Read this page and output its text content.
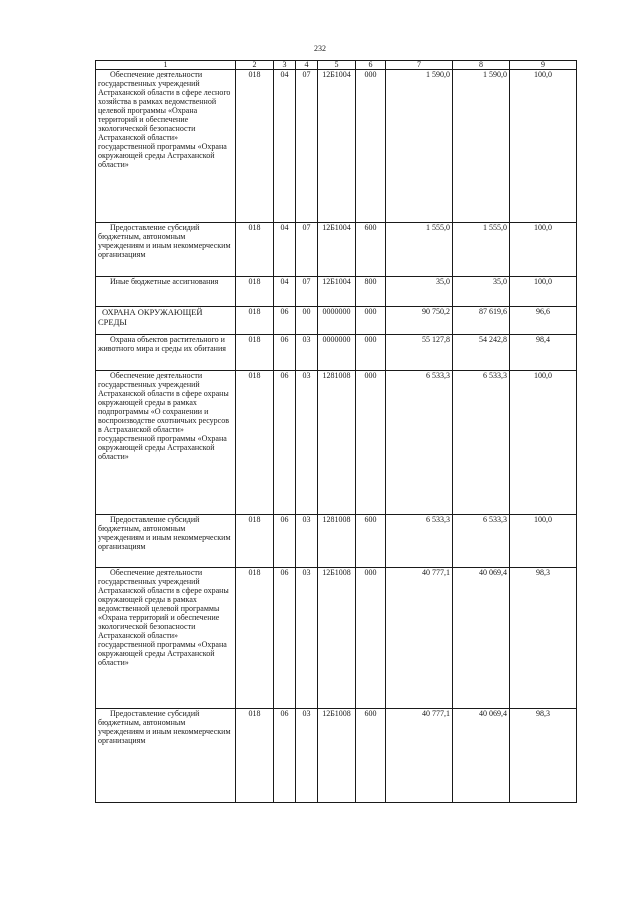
232
1	2	3	4	5	6	7	8	9

Обеспечение деятельности государственных учреждений Астраханской области в сфере лесного хозяйства в рамках ведомственной целевой программы «Охрана территорий и обеспечение экологической безопасности Астраханской области» государственной программы «Охрана окружающей среды Астраханской области»	018	04	07	12Б1004	000	1 590,0	1 590,0	100,0

Предоставление субсидий бюджетным, автономным учреждениям и иным некоммерческим организациям	018	04	07	12Б1004	600	1 555,0	1 555,0	100,0

Иные бюджетные ассигнования	018	04	07	12Б1004	800	35,0	35,0	100,0

ОХРАНА ОКРУЖАЮЩЕЙ СРЕДЫ	018	06	00	0000000	000	90 750,2	87 619,6	96,6

Охрана объектов растительного и животного мира и среды их обитания	018	06	03	0000000	000	55 127,8	54 242,8	98,4

Обеспечение деятельности государственных учреждений Астраханской области в сфере охраны окружающей среды в рамках подпрограммы «О сохранении и воспроизводстве охотничьих ресурсов в Астраханской области» государственной программы «Охрана окружающей среды Астраханской области»	018	06	03	1281008	000	6 533,3	6 533,3	100,0

Предоставление субсидий бюджетным, автономным учреждениям и иным некоммерческим организациям	018	06	03	1281008	600	6 533,3	6 533,3	100,0

Обеспечение деятельности государственных учреждений Астраханской области в сфере охраны окружающей среды в рамках ведомственной целевой программы «Охрана территорий и обеспечение экологической безопасности Астраханской области» государственной программы «Охрана окружающей среды Астраханской области»	018	06	03	12Б1008	000	40 777,1	40 069,4	98,3

Предоставление субсидий бюджетным, автономным учреждениям и иным некоммерческим организациям	018	06	03	12Б1008	600	40 777,1	40 069,4	98,3
